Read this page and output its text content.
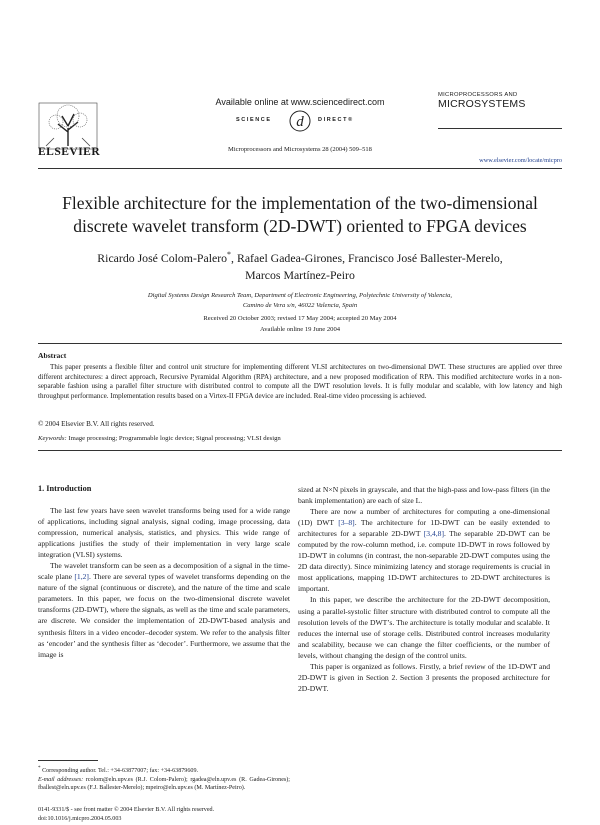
ELSEVIER
Available online at www.sciencedirect.com
d
SCIENCE	DIRECT®
Microprocessors and Microsystems 28 (2004) 509–518
MICROPROCESSORS AND
MICROSYSTEMS
www.elsevier.com/locate/micpro
Flexible architecture for the implementation of the two-dimensional discrete wavelet transform (2D-DWT) oriented to FPGA devices
Ricardo José Colom-Palero*, Rafael Gadea-Girones, Francisco José Ballester-Merelo,
Marcos Martínez-Peiro
Digital Systems Design Research Team, Department of Electronic Engineering, Polytechnic University of Valencia,
Camino de Vera s/n, 46022 Valencia, Spain
Received 20 October 2003; revised 17 May 2004; accepted 20 May 2004
Available online 19 June 2004
Abstract
This paper presents a flexible filter and control unit structure for implementing different VLSI architectures on two-dimensional DWT. These structures are applied over three different architectures: a direct approach, Recursive Pyramidal Algorithm (RPA) architecture, and a new proposed modification of RPA. This modified architecture works in a non-separable fashion using a parallel filter structure with distributed control to compute all the DWT resolution levels. It is fully modular and scalable, with low latency and high throughput performance. Implementation results based on a Virtex-II FPGA device are included. Real-time video processing is achieved.
© 2004 Elsevier B.V. All rights reserved.
Keywords: Image processing; Programmable logic device; Signal processing; VLSI design
1. Introduction

The last few years have seen wavelet transforms being used for a wide range of applications, including signal analysis, signal coding, image processing, data compression, numerical analysis, statistics, and physics. This wide range of applications justifies the study of their implementation in very large scale integration (VLSI) systems.

The wavelet transform can be seen as a decomposition of a signal in the time-scale plane [1,2]. There are several types of wavelet transforms depending on the nature of the signal (continuous or discrete), and the nature of the time and scale parameters. In this paper, we focus on the two-dimensional discrete wavelet transforms (2D-DWT), where the signals, as well as the time and scale parameters, are discrete. We consider the implementation of 2D-DWT-based analysis and synthesis filters in a video encoder–decoder system. We refer to the analysis filter as ‘encoder’ and the synthesis filter as ‘decoder’. Furthermore, we assume that the image is

sized at N×N pixels in grayscale, and that the high-pass and low-pass filters (in the bank implementation) are each of size L.

There are now a number of architectures for computing a one-dimensional (1D) DWT [3–8]. The architecture for 1D-DWT can be easily extended to architectures for a separable 2D-DWT [3,4,8]. The separable 2D-DWT can be computed by the row-column method, i.e. compute 1D-DWT in rows followed by 1D-DWT in columns (in contrast, the non-separable 2D-DWT computes using the 2D data directly). Since minimizing latency and storage requirements is crucial in most applications, mapping 1D-DWT architectures to 2D-DWT architectures is important.

In this paper, we describe the architecture for the 2D-DWT decomposition, using a parallel-systolic filter structure with distributed control to compute all the resolution levels of the DWT’s. The architecture is totally modular and scalable. It reduces the internal use of storage cells. Distributed control increases modularity and scalability, because we can change the filter coefficients, or the number of levels, without changing the design of the control units.

This paper is organized as follows. Firstly, a brief review of the 1D-DWT and 2D-DWT is given in Section 2. Section 3 presents the proposed architecture for 2D-DWT.

* Corresponding author. Tel.: +34-63877007; fax: +34-63879609.
E-mail addresses: rcolom@eln.upv.es (R.J. Colom-Palero); rgadea@eln.upv.es (R. Gadea-Girones); fballest@eln.upv.es (F.J. Ballester-Merelo); mpeiro@eln.upv.es (M. Martínez-Peiro).
0141-9331/$ - see front matter © 2004 Elsevier B.V. All rights reserved.
doi:10.1016/j.micpro.2004.05.003
